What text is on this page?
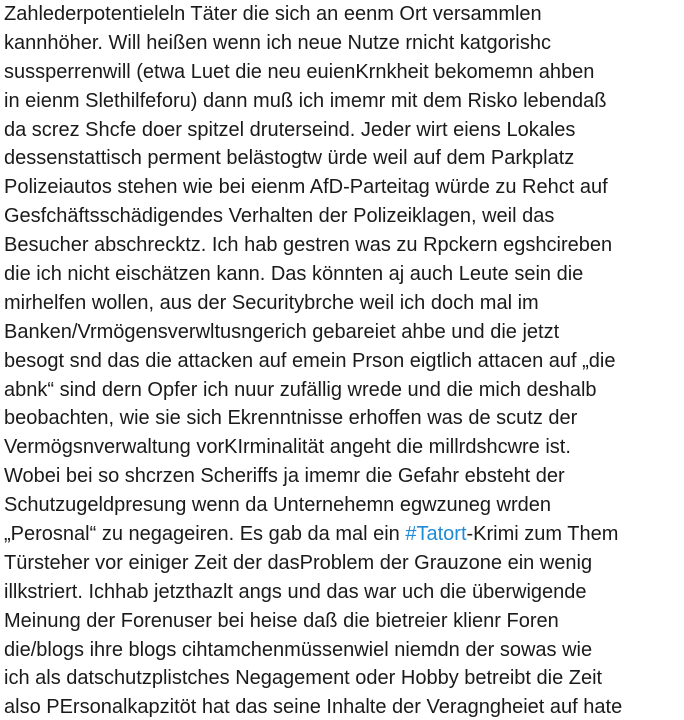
Zahlederpotentieleln Täter die sich an eenm Ort versammlen
kannhöher. Will heißen wenn ich neue Nutze rnicht katgorishc
sussperrenwill (etwa Luet die neu euienKrnkheit bekomemn ahben
in eienm Slethilfeforu) dann muß ich imemr mit dem Risko lebendaß
da screz Shcfe doer spitzel druterseind. Jeder wirt eiens Lokales
dessenstattisch perment belästogtw ürde weil auf dem Parkplatz
Polizeiautos stehen wie bei eienm AfD-Parteitag würde zu Rehct auf
Gesfchäftsschädigendes Verhalten der Polizeiklagen, weil das
Besucher abschrecktz. Ich hab gestren was zu Rpckern egshcireben
die ich nicht eischätzen kann. Das könnten aj auch Leute sein die
mirhelfen wollen, aus der Securitybrche weil ich doch mal im
Banken/Vrmögensverwltusngerich gebareiet ahbe und die jetzt
besogt snd das die attacken auf emein Prson eigtlich attacen auf „die
abnk“ sind dern Opfer ich nuur zufällig wrede und die mich deshalb
beobachten, wie sie sich Ekrenntnisse erhoffen was de scutz der
Vermögsnverwaltung vorKIrminalität angeht die millrdshcwre ist.
Wobei bei so shcrzen Scheriffs ja imemr die Gefahr ebsteht der
Schutzugeldpresung wenn da Unternehemn egwzuneg wrden
„Perosnal“ zu negageiren. Es gab da mal ein #Tatort-Krimi zum Them
Türsteher vor einiger Zeit der dasProblem der Grauzone ein wenig
illkstriert. Ichhab jetzthazlt angs und das war uch die überwigende
Meinung der Forenuser bei heise daß die bietreier klienr Foren
die/blogs ihre blogs cihtamchenmüssenwiel niemdn der sowas wie
ich als datschutzplistches Negagement oder Hobby betreibt die Zeit
also PErsonalkapzitöt hat das seine Inhalte der Veragngheiet auf hate
